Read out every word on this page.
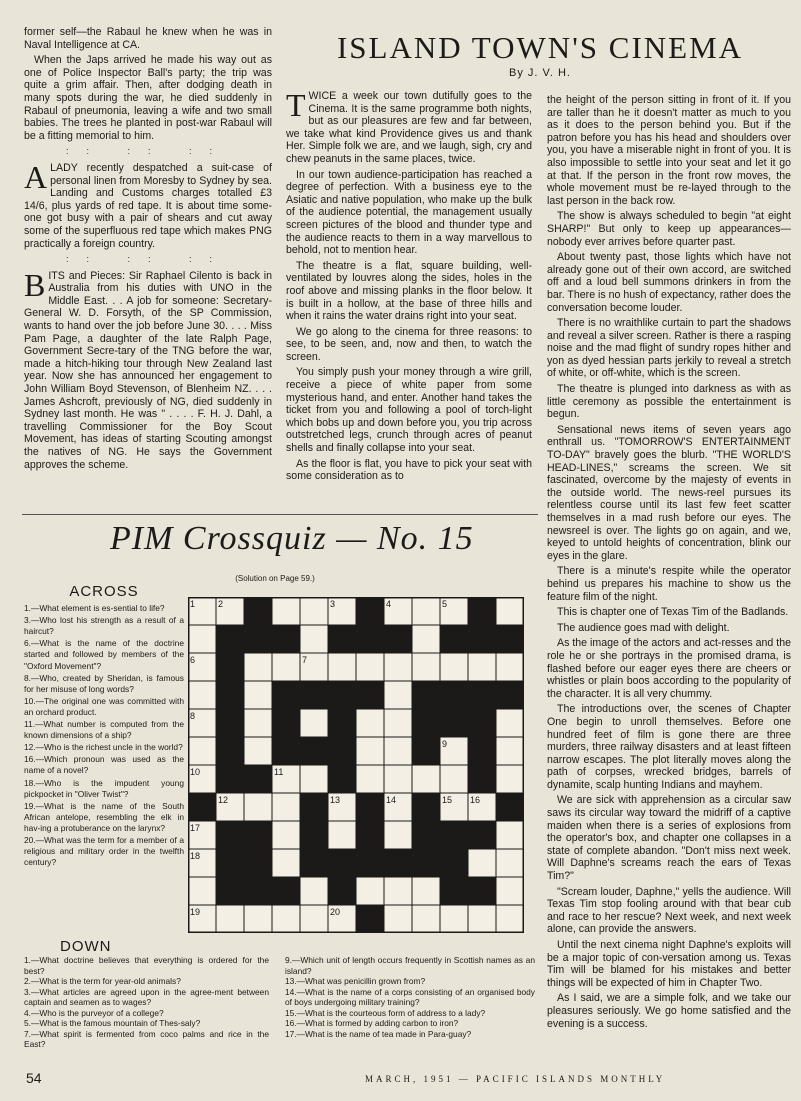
former self—the Rabaul he knew when he was in Naval Intelligence at CA.

When the Japs arrived he made his way out as one of Police Inspector Ball's party; the trip was quite a grim affair. Then, after dodging death in many spots during the war, he died suddenly in Rabaul of pneumonia, leaving a wife and two small babies. The trees he planted in post-war Rabaul will be a fitting memorial to him.

:: :: ::

A LADY recently despatched a suit-case of personal linen from Moresby to Sydney by sea. Landing and Customs charges totalled £3 14/6, plus yards of red tape. It is about time some-one got busy with a pair of shears and cut away some of the superfluous red tape which makes PNG practically a foreign country.

:: :: ::

BITS and Pieces: Sir Raphael Cilento is back in Australia from his duties with UNO in the Middle East. . . A job for someone: Secretary-General W. D. Forsyth, of the SP Commission, wants to hand over the job before June 30. . . . Miss Pam Page, a daughter of the late Ralph Page, Government Secre-tary of the TNG before the war, made a hitch-hiking tour through New Zealand last year. Now she has announced her engagement to John William Boyd Stevenson, of Blenheim NZ. . . . James Ashcroft, previously of NG, died suddenly in Sydney last month. He was " . . . . F. H. J. Dahl, a travelling Commissioner for the Boy Scout Movement, has ideas of starting Scouting amongst the natives of NG. He says the Government approves the scheme.

ISLAND TOWN'S CINEMA
By J. V. H.

TWICE a week our town dutifully goes to the Cinema. It is the same programme both nights, but as our pleasures are few and far between, we take what kind Providence gives us and thank Her. Simple folk we are, and we laugh, sigh, cry and chew peanuts in the same places, twice.

In our town audience-participation has reached a degree of perfection. With a business eye to the Asiatic and native population, who make up the bulk of the audience potential, the management usually screen pictures of the blood and thunder type and the audience reacts to them in a way marvellous to behold, not to mention hear.

The theatre is a flat, square building, well-ventilated by louvres along the sides, holes in the roof above and missing planks in the floor below. It is built in a hollow, at the base of three hills and when it rains the water drains right into your seat.

We go along to the cinema for three reasons: to see, to be seen, and, now and then, to watch the screen.

You simply push your money through a wire grill, receive a piece of white paper from some mysterious hand, and enter. Another hand takes the ticket from you and following a pool of torch-light which bobs up and down before you, you trip across outstretched legs, crunch through acres of peanut shells and finally collapse into your seat.

As the floor is flat, you have to pick your seat with some consideration as to

the height of the person sitting in front of it. If you are taller than he it doesn't matter as much to you as it does to the person behind you. But if the patron before you has his head and shoulders over you, you have a miserable night in front of you. It is also impossible to settle into your seat and let it go at that. If the person in the front row moves, the whole movement must be re-layed through to the last person in the back row.

The show is always scheduled to begin "at eight SHARP!" But only to keep up appearances—nobody ever arrives before quarter past.

About twenty past, those lights which have not already gone out of their own accord, are switched off and a loud bell summons drinkers in from the bar. There is no hush of expectancy, rather does the conversation become louder.

There is no wraithlike curtain to part the shadows and reveal a silver screen. Rather is there a rasping noise and the mad flight of sundry ropes hither and yon as dyed hessian parts jerkily to reveal a stretch of white, or off-white, which is the screen.

The theatre is plunged into darkness as with as little ceremony as possible the entertainment is begun.

Sensational news items of seven years ago enthrall us. "TOMORROW'S ENTERTAINMENT TO-DAY" bravely goes the blurb. "THE WORLD'S HEAD-LINES," screams the screen. We sit fascinated, overcome by the majesty of events in the outside world. The news-reel pursues its relentless course until its last few feet scatter themselves in a mad rush before our eyes. The newsreel is over. The lights go on again, and we, keyed to untold heights of concentration, blink our eyes in the glare.

There is a minute's respite while the operator behind us prepares his machine to show us the feature film of the night.

This is chapter one of Texas Tim of the Badlands.

The audience goes mad with delight.

As the image of the actors and act-resses and the role he or she portrays in the promised drama, is flashed before our eager eyes there are cheers or whistles or plain boos according to the popularity of the character. It is all very chummy.

The introductions over, the scenes of Chapter One begin to unroll themselves. Before one hundred feet of film is gone there are three murders, three railway disasters and at least fifteen narrow escapes. The plot literally moves along the path of corpses, wrecked bridges, barrels of dynamite, scalp hunting Indians and mayhem.

We are sick with apprehension as a circular saw saws its circular way toward the midriff of a captive maiden when there is a series of explosions from the operator's box, and chapter one collapses in a state of complete abandon. "Don't miss next week. Will Daphne's screams reach the ears of Texas Tim?"

"Scream louder, Daphne," yells the audience. Will Texas Tim stop fooling around with that bear cub and race to her rescue? Next week, and next week alone, can provide the answers.

Until the next cinema night Daphne's exploits will be a major topic of con-versation among us. Texas Tim will be blamed for his mistakes and better things will be expected of him in Chapter Two.

As I said, we are a simple folk, and we take our pleasures seriously. We go home satisfied and the evening is a success.

PIM Crossquiz — No. 15
(Solution on Page 59.)
ACROSS
1.—What element is es-sential to life?
3.—Who lost his strength as a result of a haircut?
6.—What is the name of the doctrine started and followed by members of the "Oxford Movement"?
8.—Who, created by Sheridan, is famous for her misuse of long words?
10.—The original one was committed with an orchard product.
11.—What number is computed from the known dimensions of a ship?
12.—Who is the richest uncle in the world?
16.—Which pronoun was used as the name of a novel?
18.—Who is the impudent young pickpocket in "Oliver Twist"?
19.—What is the name of the South African antelope, resembling the elk in hav-ing a protuberance on the larynx?
20.—What was the term for a member of a religious and military order in the twelfth century?
1	2	3	4	5
6	7
8
9
10	11
12	13	14	15 16
17
18
19	20
DOWN
1.—What doctrine believes that everything is ordered for the best?
2.—What is the term for year-old animals?
3.—What articles are agreed upon in the agree-ment between captain and seamen as to wages?
4.—Who is the purveyor of a college?
5.—What is the famous mountain of Thes-saly?
7.—What spirit is fermented from coco palms and rice in the East?
9.—Which unit of length occurs frequently in Scottish names as an island?
13.—What was penicillin grown from?
14.—What is the name of a corps consisting of an organised body of boys undergoing military training?
15.—What is the courteous form of address to a lady?
16.—What is formed by adding carbon to iron?
17.—What is the name of tea made in Para-guay?
54	MARCH, 1951 — PACIFIC ISLANDS MONTHLY
